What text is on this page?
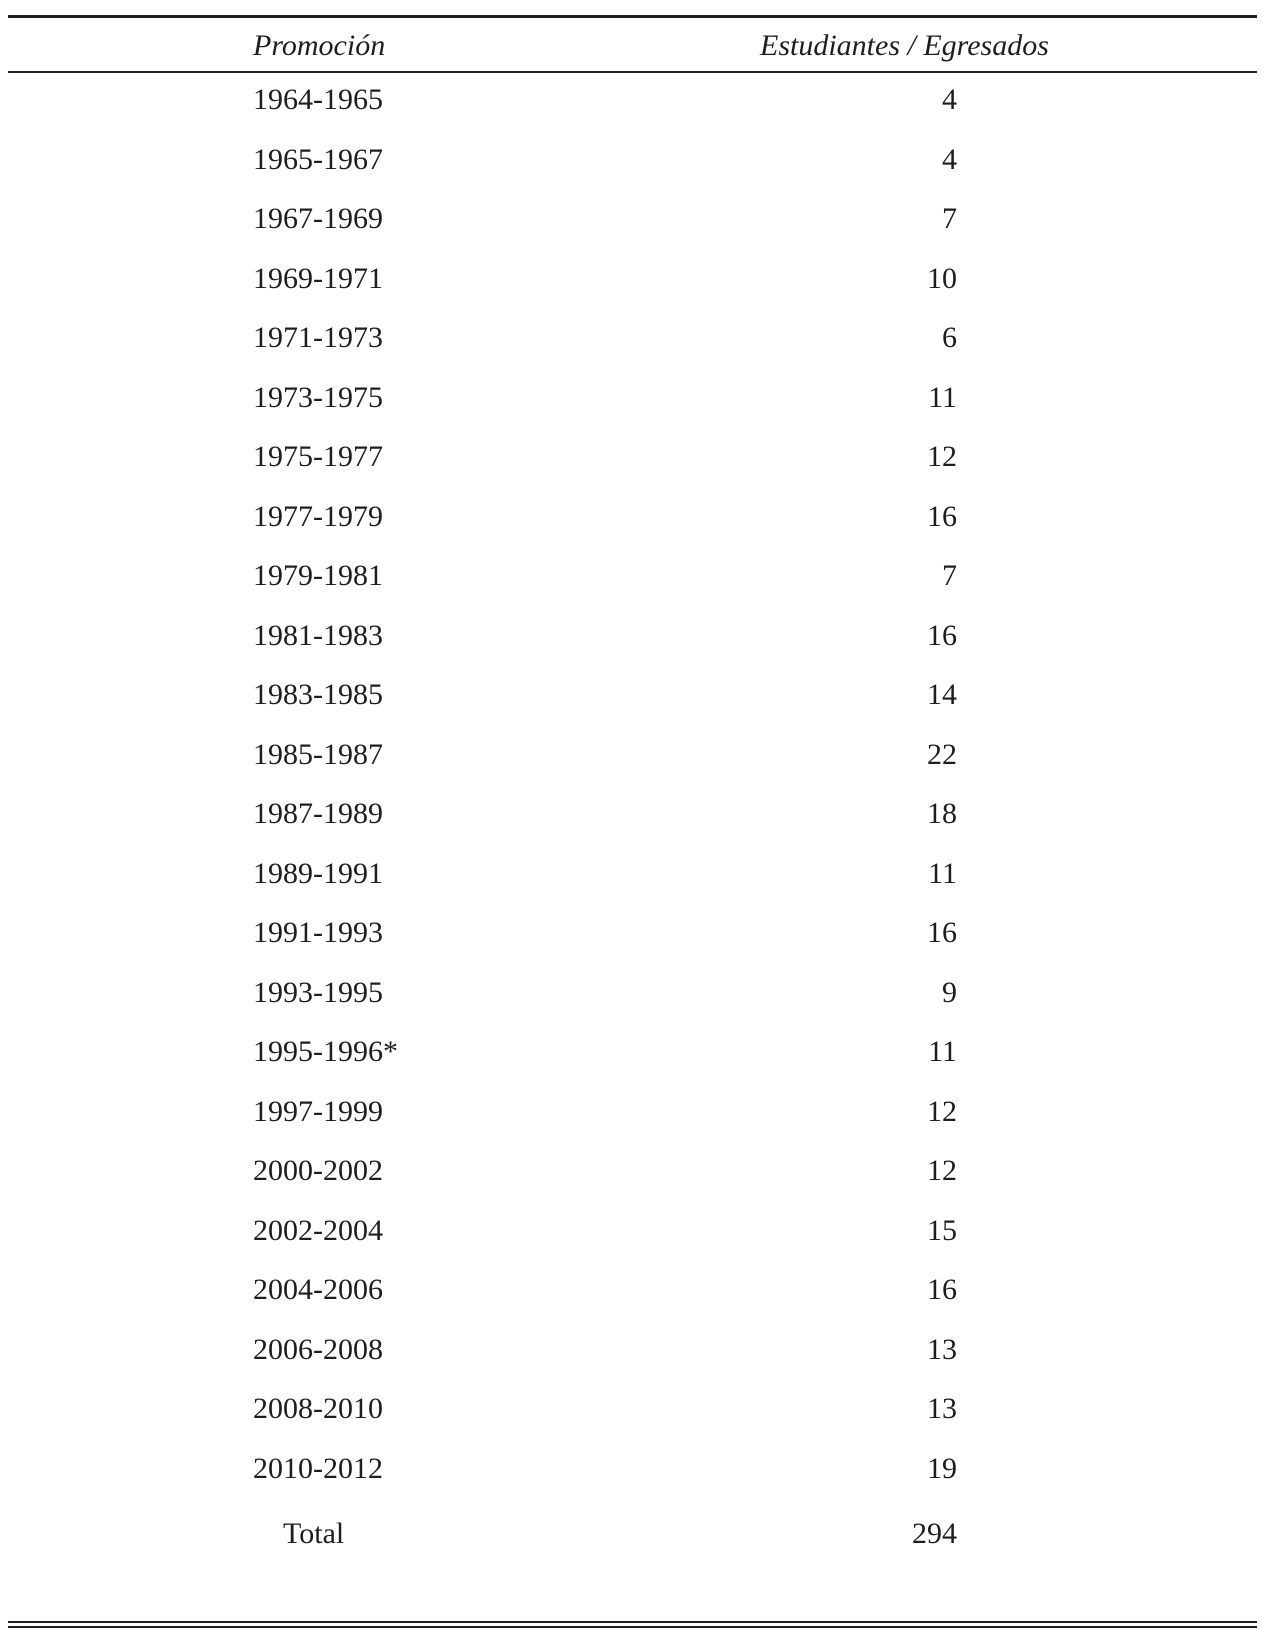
Promoción	Estudiantes / Egresados
1964-1965	4
1965-1967	4
1967-1969	7
1969-1971	10
1971-1973	6
1973-1975	11
1975-1977	12
1977-1979	16
1979-1981	7
1981-1983	16
1983-1985	14
1985-1987	22
1987-1989	18
1989-1991	11
1991-1993	16
1993-1995	9
1995-1996*	11
1997-1999	12
2000-2002	12
2002-2004	15
2004-2006	16
2006-2008	13
2008-2010	13
2010-2012	19
Total	294
